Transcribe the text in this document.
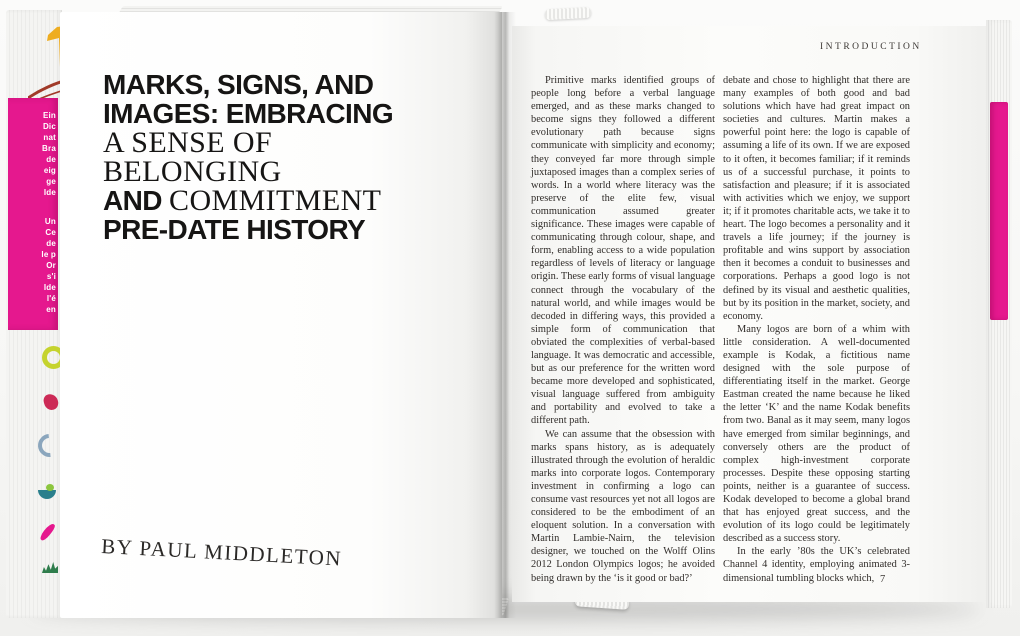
Ein
Dic
nat
Bra
de
eig
ge
Ide
Un
Ce
de
le p
Or
s'i
Ide
l'é
en
MARKS, SIGNS, AND
IMAGES: EMBRACING
A SENSE OF
BELONGING
AND COMMITMENT
PRE-DATE HISTORY
BY PAUL MIDDLETON
INTRODUCTION

Primitive marks identified groups of people long before a verbal language emerged, and as these marks changed to become signs they followed a different evolutionary path because signs communicate with simplicity and economy; they conveyed far more through simple juxtaposed images than a complex series of words. In a world where literacy was the preserve of the elite few, visual communication assumed greater significance. These images were capable of communicating through colour, shape, and form, enabling access to a wide population regardless of levels of literacy or language origin. These early forms of visual language connect through the vocabulary of the natural world, and while images would be decoded in differing ways, this provided a simple form of communication that obviated the complexities of verbal-based language. It was democratic and accessible, but as our preference for the written word became more developed and sophisticated, visual language suffered from ambiguity and portability and evolved to take a different path.

We can assume that the obsession with marks spans history, as is adequately illustrated through the evolution of heraldic marks into corporate logos. Contemporary investment in confirming a logo can consume vast resources yet not all logos are considered to be the embodiment of an eloquent solution. In a conversation with Martin Lambie-Nairn, the television designer, we touched on the Wolff Olins 2012 London Olympics logos; he avoided being drawn by the ‘is it good or bad?’

debate and chose to highlight that there are many examples of both good and bad solutions which have had great impact on societies and cultures. Martin makes a powerful point here: the logo is capable of assuming a life of its own. If we are exposed to it often, it becomes familiar; if it reminds us of a successful purchase, it points to satisfaction and pleasure; if it is associated with activities which we enjoy, we support it; if it promotes charitable acts, we take it to heart. The logo becomes a personality and it travels a life journey; if the journey is profitable and wins support by association then it becomes a conduit to businesses and corporations. Perhaps a good logo is not defined by its visual and aesthetic qualities, but by its position in the market, society, and economy.

Many logos are born of a whim with little consideration. A well-documented example is Kodak, a fictitious name designed with the sole purpose of differentiating itself in the market. George Eastman created the name because he liked the letter ‘K’ and the name Kodak benefits from two. Banal as it may seem, many logos have emerged from similar beginnings, and conversely others are the product of complex high-investment corporate processes. Despite these opposing starting points, neither is a guarantee of success. Kodak developed to become a global brand that has enjoyed great success, and the evolution of its logo could be legitimately described as a success story.

In the early ’80s the UK’s celebrated Channel 4 identity, employing animated 3-dimensional tumbling blocks which, 7
